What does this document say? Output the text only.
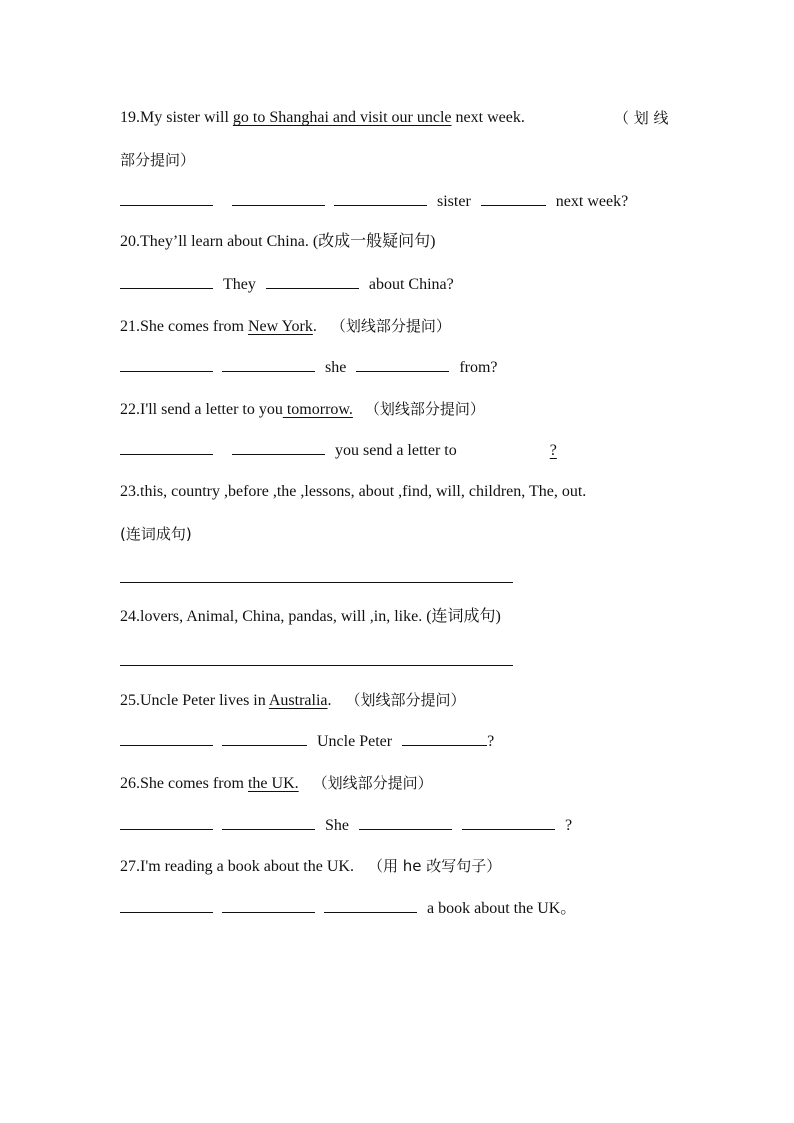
19.My sister will go to Shanghai and visit our uncle next week.	（ 划 线
部分提问）
sister	next week?
20.They’ll learn about China. (改成一般疑问句)
They	about China?
21.She comes from New York. （划线部分提问）
she	from?
22.I'll send a letter to you tomorrow. （划线部分提问）
you send a letter to	?
23.this, country ,before ,the ,lessons, about ,find, will, children, The, out.
(连词成句)
24.lovers, Animal, China, pandas, will ,in, like. (连词成句)
25.Uncle Peter lives in Australia. （划线部分提问）
Uncle Peter	?
26.She comes from the UK. （划线部分提问）
She	?
27.I'm reading a book about the UK. （用 he 改写句子）
a book about the UK。
